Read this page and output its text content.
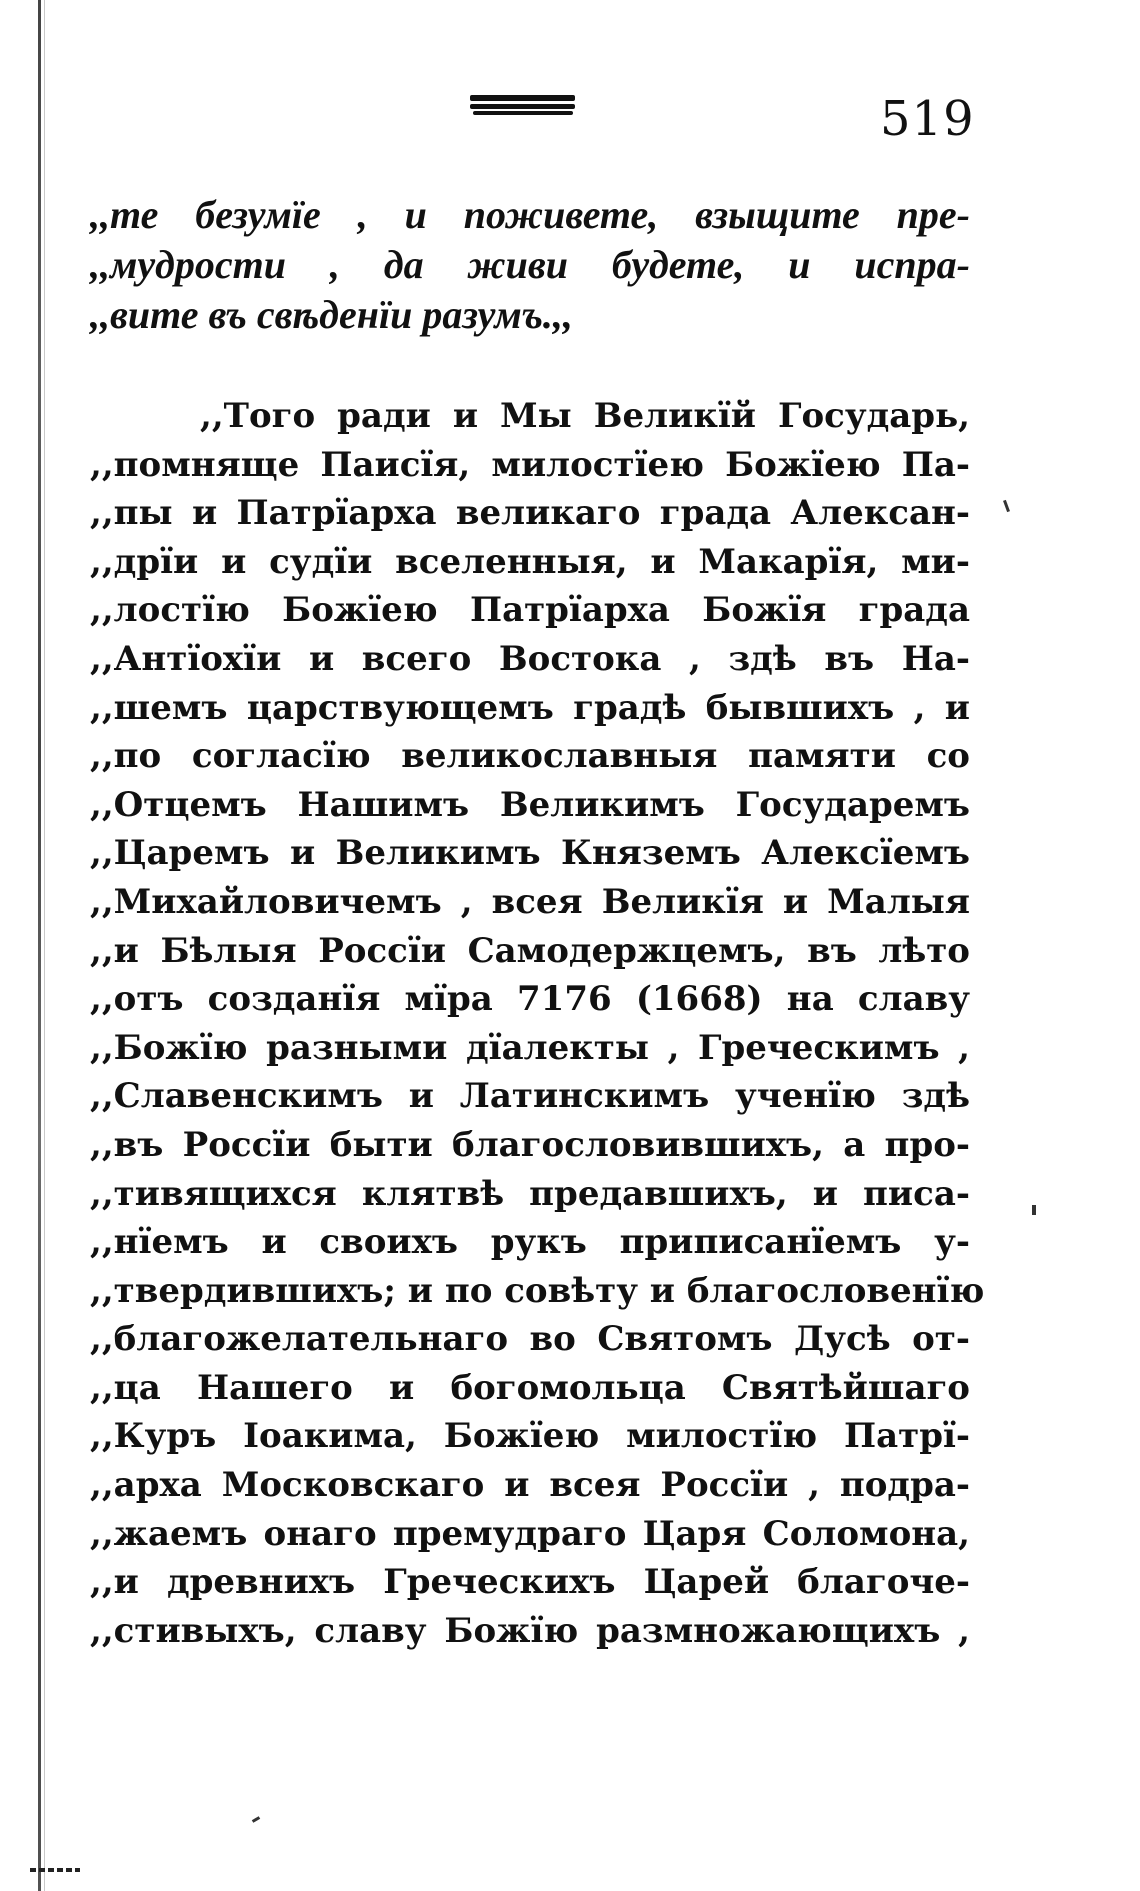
519
,,те безумїе , и поживете, взыщите пре-
,,мудрости , да живи будете, и испра-
,,вите въ свѣденїи разумъ.,,
,,Того ради и Мы Великїй Государь,
,,помняще Паисїя, милостїею Божїею Па-
,,пы и Патрїарха великаго града Алексан-
,,дрїи и судїи вселенныя, и Макарїя, ми-
,,лостїю Божїею Патрїарха Божїя града
,,Антїохїи и всего Востока , здѣ въ На-
,,шемъ царствующемъ градѣ бывшихъ , и
,,по согласїю великославныя памяти со
,,Отцемъ Нашимъ Великимъ Государемъ
,,Царемъ и Великимъ Княземъ Алексїемъ
,,Михайловичемъ , всея Великїя и Малыя
,,и Бѣлыя Россїи Самодержцемъ, въ лѣто
,,отъ созданїя мїра 7176 (1668) на славу
,,Божїю разными дїалекты , Греческимъ ,
,,Славенскимъ и Латинскимъ ученїю здѣ
,,въ Россїи быти благословившихъ, а про-
,,тивящихся клятвѣ предавшихъ, и писа-
,,нїемъ и своихъ рукъ приписанїемъ у-
,,твердившихъ; и по совѣту и благословенїю
,,благожелательнаго во Святомъ Дусѣ от-
,,ца Нашего и богомольца Святѣйшаго
,,Куръ Іоакима, Божїею милостїю Патрї-
,,арха Московскаго и всея Россїи , подра-
,,жаемъ онаго премудраго Царя Соломона,
,,и древнихъ Греческихъ Царей благоче-
,,стивыхъ, славу Божїю размножающихъ ,
